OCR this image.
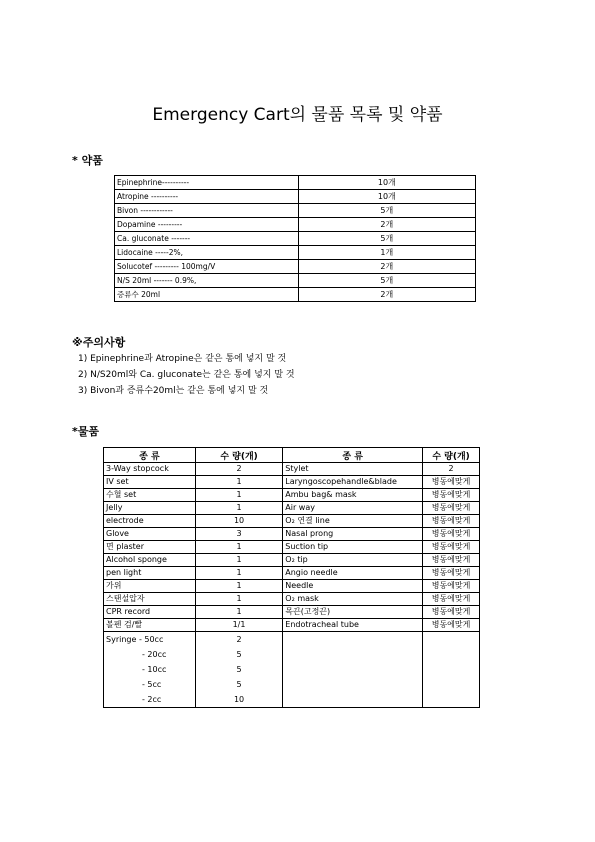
Emergency Cart의 물품 목록 및 약품
* 약품
Epinephrine----------	10개
Atropine ----------	10개
Bivon ------------	5개
Dopamine ---------	2개
Ca. gluconate -------	5개
Lidocaine -----2%,	1개
Solucotef --------- 100mg/V	2개
N/S 20ml ------- 0.9%,	5개
증류수 20ml	2개
※주의사항
1) Epinephrine과 Atropine은 같은 통에 넣지 말 것
2) N/S20ml와 Ca. gluconate는 같은 통에 넣지 말 것
3) Bivon과 증류수20ml는 같은 통에 넣지 말 것
*물품
종 류	수 량(개)	종 류	수 량(개)
3-Way stopcock	2	Stylet	2
IV set	1	Laryngoscopehandle&blade	병동에맞게
수혈 set	1	Ambu bag& mask	병동에맞게
Jelly	1	Air way	병동에맞게
electrode	10	O₂ 연결 line	병동에맞게
Glove	3	Nasal prong	병동에맞게
면 plaster	1	Suction tip	병동에맞게
Alcohol sponge	1	O₂ tip	병동에맞게
pen light	1	Angio needle	병동에맞게
가위	1	Needle	병동에맞게
스탠설압자	1	O₂ mask	병동에맞게
CPR record	1	목끈(고정끈)	병동에맞게
볼펜 검/빨	1/1	Endotracheal tube	병동에맞게
Syringe - 50cc	2		
- 20cc	5		
- 10cc	5		
- 5cc	5		
- 2cc	10		
